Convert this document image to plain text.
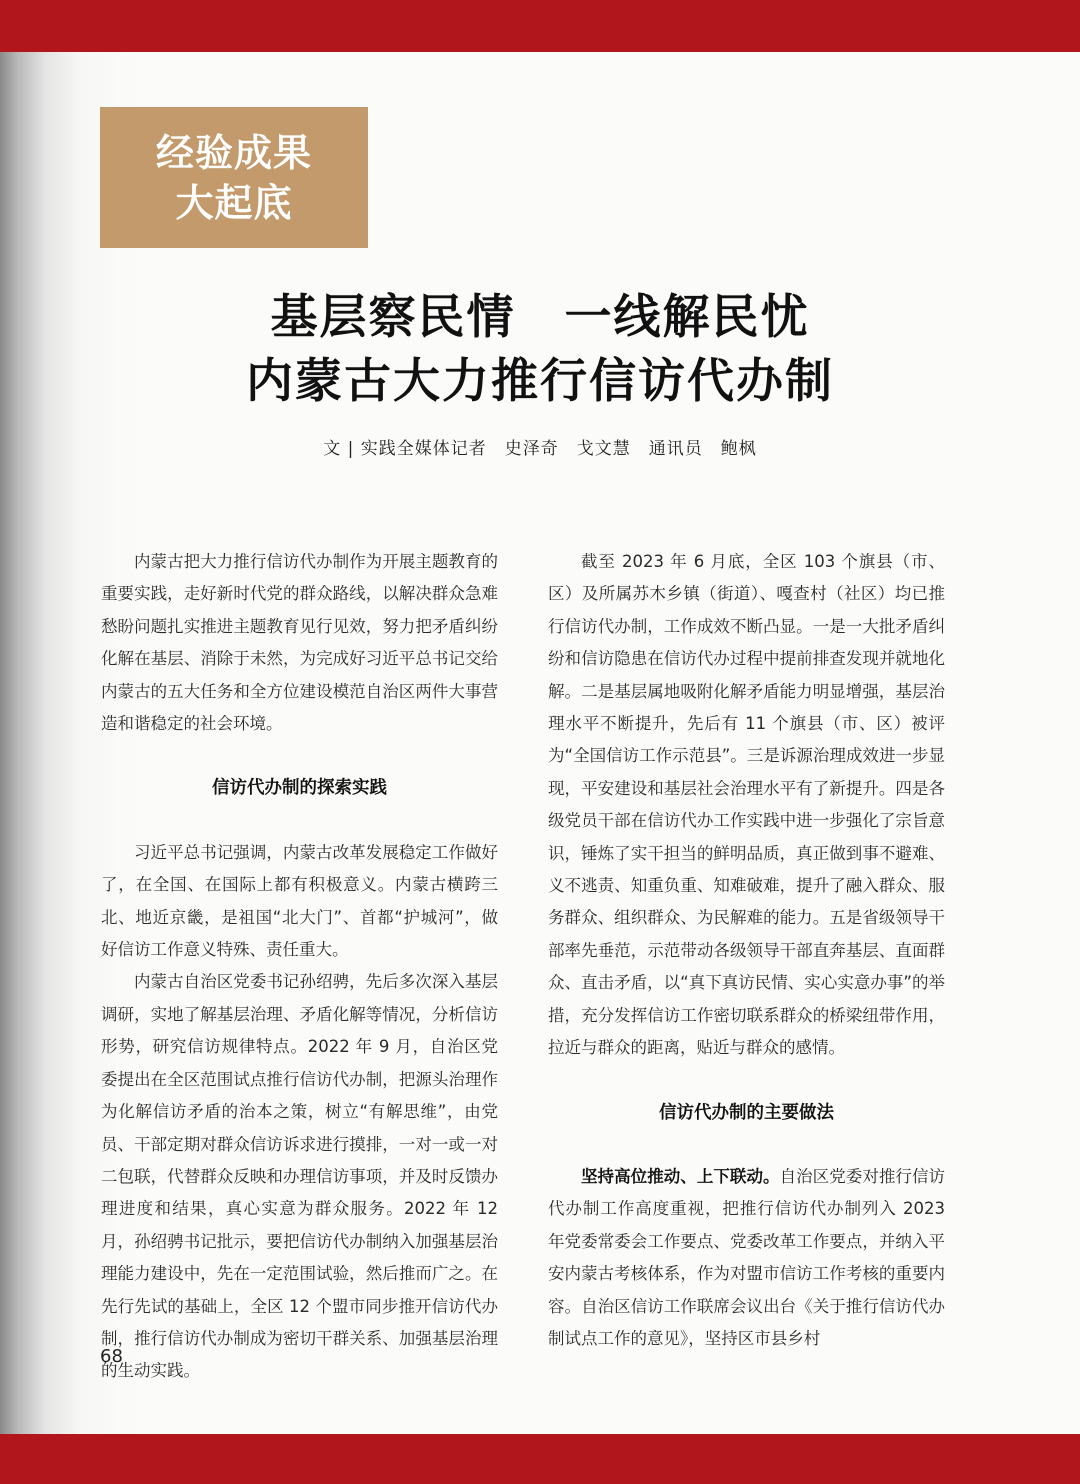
经验成果
大起底
基层察民情　一线解民忧
内蒙古大力推行信访代办制
文 | 实践全媒体记者　史泽奇　戈文慧　通讯员　鲍枫

内蒙古把大力推行信访代办制作为开展主题教育的重要实践，走好新时代党的群众路线，以解决群众急难愁盼问题扎实推进主题教育见行见效，努力把矛盾纠纷化解在基层、消除于未然，为完成好习近平总书记交给内蒙古的五大任务和全方位建设模范自治区两件大事营造和谐稳定的社会环境。

信访代办制的探索实践

习近平总书记强调，内蒙古改革发展稳定工作做好了，在全国、在国际上都有积极意义。内蒙古横跨三北、地近京畿，是祖国“北大门”、首都“护城河”，做好信访工作意义特殊、责任重大。

内蒙古自治区党委书记孙绍骋，先后多次深入基层调研，实地了解基层治理、矛盾化解等情况，分析信访形势，研究信访规律特点。2022 年 9 月，自治区党委提出在全区范围试点推行信访代办制，把源头治理作为化解信访矛盾的治本之策，树立“有解思维”，由党员、干部定期对群众信访诉求进行摸排，一对一或一对二包联，代替群众反映和办理信访事项，并及时反馈办理进度和结果，真心实意为群众服务。2022 年 12 月，孙绍骋书记批示，要把信访代办制纳入加强基层治理能力建设中，先在一定范围试验，然后推而广之。在先行先试的基础上，全区 12 个盟市同步推开信访代办制，推行信访代办制成为密切干群关系、加强基层治理的生动实践。

截至 2023 年 6 月底，全区 103 个旗县（市、区）及所属苏木乡镇（街道）、嘎查村（社区）均已推行信访代办制，工作成效不断凸显。一是一大批矛盾纠纷和信访隐患在信访代办过程中提前排查发现并就地化解。二是基层属地吸附化解矛盾能力明显增强，基层治理水平不断提升，先后有 11 个旗县（市、区）被评为“全国信访工作示范县”。三是诉源治理成效进一步显现，平安建设和基层社会治理水平有了新提升。四是各级党员干部在信访代办工作实践中进一步强化了宗旨意识，锤炼了实干担当的鲜明品质，真正做到事不避难、义不逃责、知重负重、知难破难，提升了融入群众、服务群众、组织群众、为民解难的能力。五是省级领导干部率先垂范，示范带动各级领导干部直奔基层、直面群众、直击矛盾，以“真下真访民情、实心实意办事”的举措，充分发挥信访工作密切联系群众的桥梁纽带作用，拉近与群众的距离，贴近与群众的感情。

信访代办制的主要做法

坚持高位推动、上下联动。自治区党委对推行信访代办制工作高度重视，把推行信访代办制列入 2023 年党委常委会工作要点、党委改革工作要点，并纳入平安内蒙古考核体系，作为对盟市信访工作考核的重要内容。自治区信访工作联席会议出台《关于推行信访代办制试点工作的意见》，坚持区市县乡村

68
